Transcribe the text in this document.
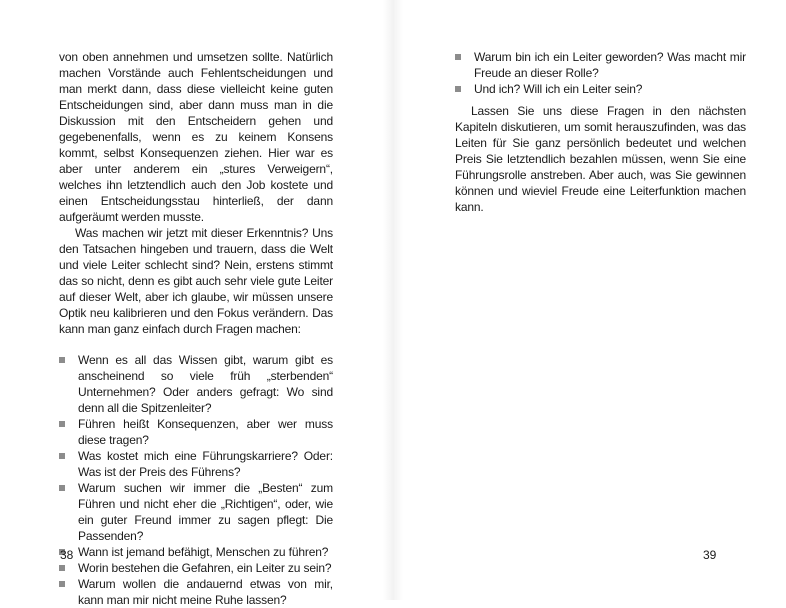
von oben annehmen und umsetzen sollte. Natürlich machen Vorstände auch Fehlentscheidungen und man merkt dann, dass diese vielleicht keine guten Entscheidungen sind, aber dann muss man in die Diskussion mit den Entscheidern gehen und gegebenenfalls, wenn es zu keinem Konsens kommt, selbst Konsequenzen ziehen. Hier war es aber unter anderem ein „stures Verweigern“, welches ihn letztendlich auch den Job kostete und einen Entscheidungsstau hinterließ, der dann aufgeräumt werden musste.

Was machen wir jetzt mit dieser Erkenntnis? Uns den Tatsachen hingeben und trauern, dass die Welt und viele Leiter schlecht sind? Nein, erstens stimmt das so nicht, denn es gibt auch sehr viele gute Leiter auf dieser Welt, aber ich glaube, wir müssen unsere Optik neu kalibrieren und den Fokus verändern. Das kann man ganz einfach durch Fragen machen:

Wenn es all das Wissen gibt, warum gibt es anscheinend so viele früh „sterbenden“ Unternehmen? Oder anders gefragt: Wo sind denn all die Spitzenleiter?
Führen heißt Konsequenzen, aber wer muss diese tragen?
Was kostet mich eine Führungskarriere? Oder: Was ist der Preis des Führens?
Warum suchen wir immer die „Besten“ zum Führen und nicht eher die „Richtigen“, oder, wie ein guter Freund immer zu sagen pflegt: Die Passenden?
Wann ist jemand befähigt, Menschen zu führen?
Worin bestehen die Gefahren, ein Leiter zu sein?
Warum wollen die andauernd etwas von mir, kann man mir nicht meine Ruhe lassen?
38
Warum bin ich ein Leiter geworden? Was macht mir Freude an dieser Rolle?
Und ich? Will ich ein Leiter sein?

Lassen Sie uns diese Fragen in den nächsten Kapiteln diskutieren, um somit herauszufinden, was das Leiten für Sie ganz persönlich bedeutet und welchen Preis Sie letztendlich bezahlen müssen, wenn Sie eine Führungsrolle anstreben. Aber auch, was Sie gewinnen können und wieviel Freude eine Leiterfunktion machen kann.

39
